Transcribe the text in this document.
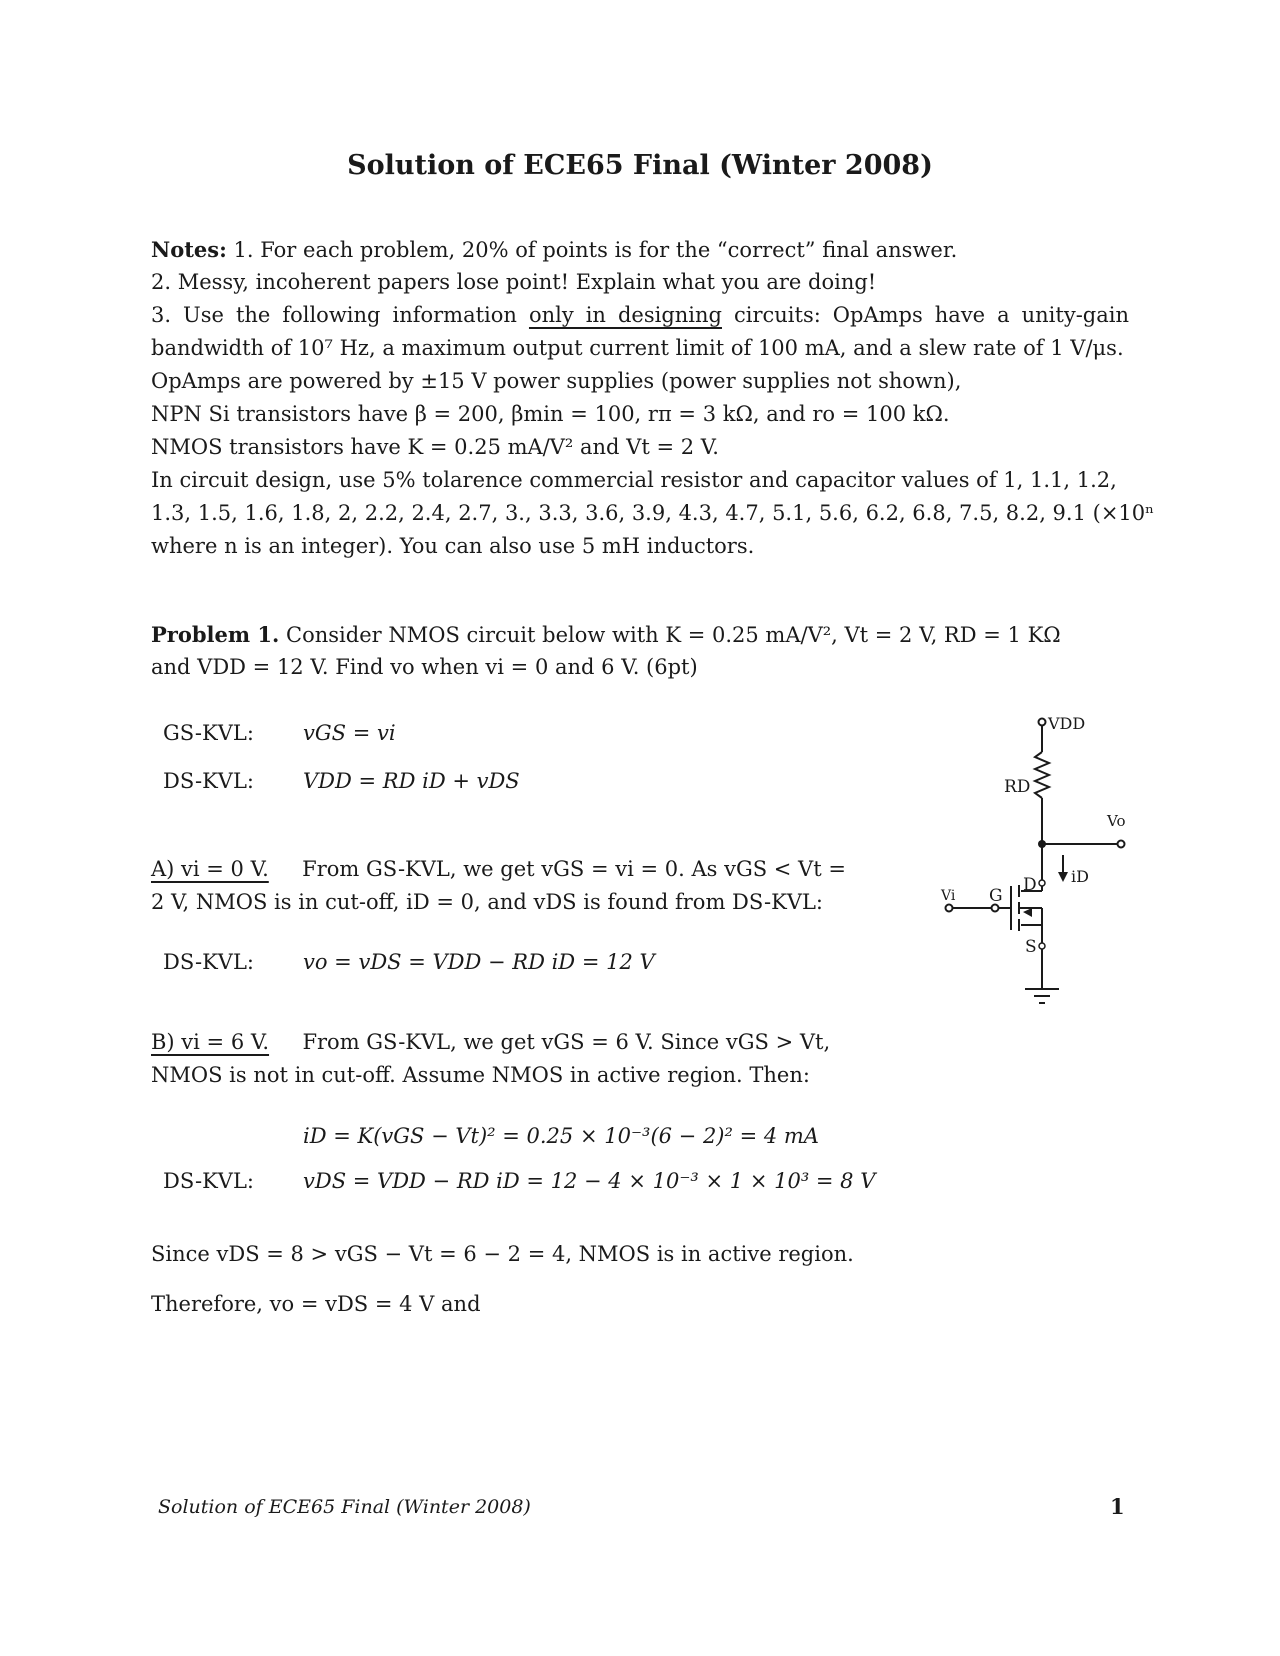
Solution of ECE65 Final (Winter 2008)
Notes: 1. For each problem, 20% of points is for the “correct” final answer.
2. Messy, incoherent papers lose point! Explain what you are doing!
3. Use the following information only in designing circuits: OpAmps have a unity-gain
bandwidth of 10⁷ Hz, a maximum output current limit of 100 mA, and a slew rate of 1 V/μs.
OpAmps are powered by ±15 V power supplies (power supplies not shown),
NPN Si transistors have β = 200, βmin = 100, rπ = 3 kΩ, and ro = 100 kΩ.
NMOS transistors have K = 0.25 mA/V² and Vt = 2 V.
In circuit design, use 5% tolarence commercial resistor and capacitor values of 1, 1.1, 1.2,
1.3, 1.5, 1.6, 1.8, 2, 2.2, 2.4, 2.7, 3., 3.3, 3.6, 3.9, 4.3, 4.7, 5.1, 5.6, 6.2, 6.8, 7.5, 8.2, 9.1 (×10ⁿ
where n is an integer). You can also use 5 mH inductors.
Problem 1. Consider NMOS circuit below with K = 0.25 mA/V², Vt = 2 V, RD = 1 KΩ
and VDD = 12 V. Find vo when vi = 0 and 6 V. (6pt)
GS-KVL: vGS = vi
DS-KVL: VDD = RD iD + vDS
A) vi = 0 V. From GS-KVL, we get vGS = vi = 0. As vGS < Vt =
2 V, NMOS is in cut-off, iD = 0, and vDS is found from DS-KVL:
DS-KVL: vo = vDS = VDD − RD iD = 12 V
B) vi = 6 V. From GS-KVL, we get vGS = 6 V. Since vGS > Vt,
NMOS is not in cut-off. Assume NMOS in active region. Then:
iD = K(vGS − Vt)² = 0.25 × 10⁻³(6 − 2)² = 4 mA
DS-KVL: vDS = VDD − RD iD = 12 − 4 × 10⁻³ × 1 × 10³ = 8 V
Since vDS = 8 > vGS − Vt = 6 − 2 = 4, NMOS is in active region.
Therefore, vo = vDS = 4 V and
VDD
RD
Vo
D iD
Vi G
S
Solution of ECE65 Final (Winter 2008)	1
